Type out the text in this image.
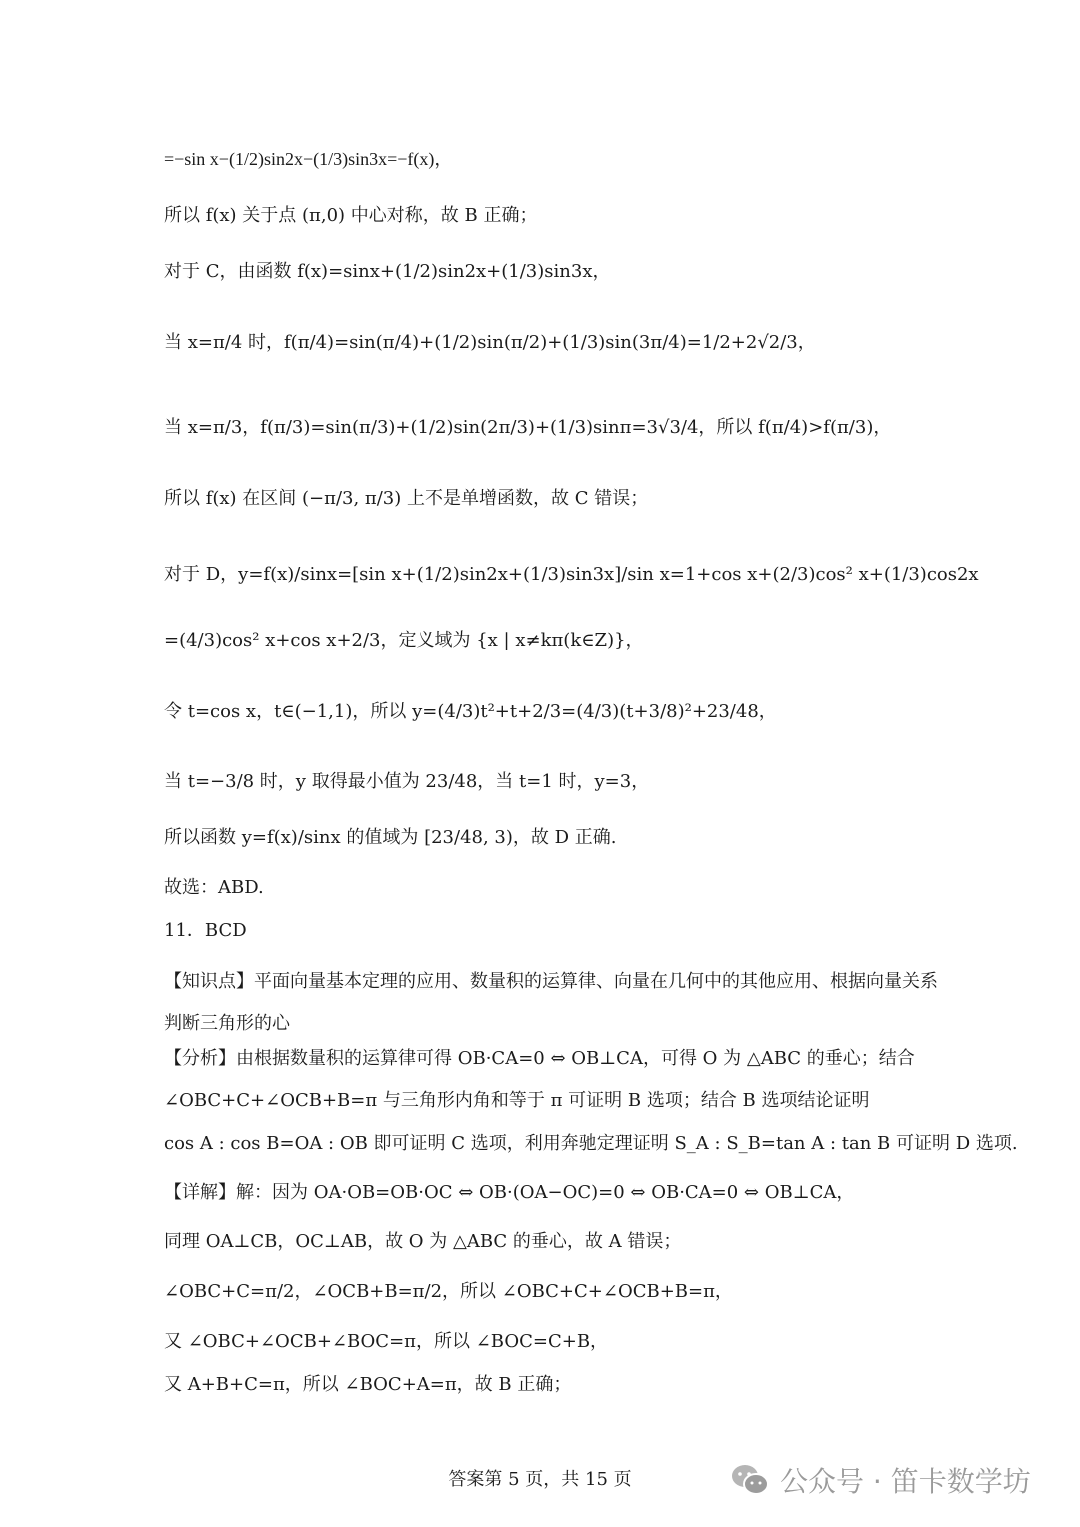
=−sin x−(1/2)sin2x−(1/3)sin3x=−f(x)，
所以 f(x) 关于点 (π,0) 中心对称，故 B 正确；
对于 C，由函数 f(x)=sinx+(1/2)sin2x+(1/3)sin3x，
当 x=π/4 时，f(π/4)=sin(π/4)+(1/2)sin(π/2)+(1/3)sin(3π/4)=1/2+2√2/3，
当 x=π/3，f(π/3)=sin(π/3)+(1/2)sin(2π/3)+(1/3)sinπ=3√3/4，所以 f(π/4)>f(π/3)，
所以 f(x) 在区间 (−π/3, π/3) 上不是单增函数，故 C 错误；
对于 D，y=f(x)/sinx=[sin x+(1/2)sin2x+(1/3)sin3x]/sin x=1+cos x+(2/3)cos² x+(1/3)cos2x
=(4/3)cos² x+cos x+2/3，定义域为 {x | x≠kπ(k∈Z)}，
令 t=cos x，t∈(−1,1)，所以 y=(4/3)t²+t+2/3=(4/3)(t+3/8)²+23/48，
当 t=−3/8 时，y 取得最小值为 23/48，当 t=1 时，y=3，
所以函数 y=f(x)/sinx 的值域为 [23/48, 3)，故 D 正确.
故选：ABD.
11．BCD
【知识点】平面向量基本定理的应用、数量积的运算律、向量在几何中的其他应用、根据向量关系判断三角形的心
【分析】由根据数量积的运算律可得 OB·CA=0 ⇔ OB⊥CA，可得 O 为 △ABC 的垂心；结合
∠OBC+C+∠OCB+B=π 与三角形内角和等于 π 可证明 B 选项；结合 B 选项结论证明
cos A : cos B=OA : OB 即可证明 C 选项，利用奔驰定理证明 S_A : S_B=tan A : tan B 可证明 D 选项.
【详解】解：因为 OA·OB=OB·OC ⇔ OB·(OA−OC)=0 ⇔ OB·CA=0 ⇔ OB⊥CA，
同理 OA⊥CB，OC⊥AB，故 O 为 △ABC 的垂心，故 A 错误；
∠OBC+C=π/2，∠OCB+B=π/2，所以 ∠OBC+C+∠OCB+B=π，
又 ∠OBC+∠OCB+∠BOC=π，所以 ∠BOC=C+B，
又 A+B+C=π，所以 ∠BOC+A=π，故 B 正确；
答案第 5 页，共 15 页	公众号 · 笛卡数学坊
